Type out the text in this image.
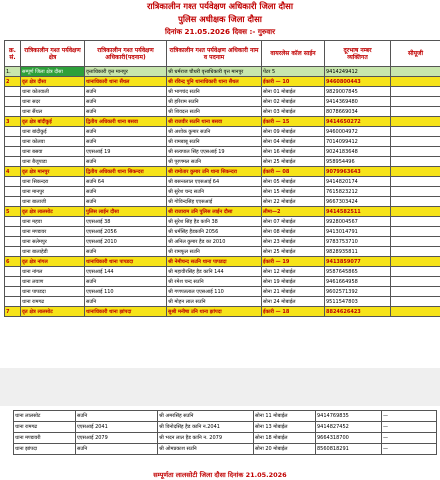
रात्रिकालीन गश्त पर्यवेक्षण अधिकारी जिला दौसा
पुलिस अधीक्षक जिला दौसा
दिनांक 21.05.2026 दिवस :- गुरुवार
क्र. सं.	रात्रिकालीन गश्त पर्यवेक्षण क्षेत्र	रात्रिकालीन गश्त पर्यवेक्षण अधिकारी(पदनाम)	रात्रिकालीन गश्त पर्यवेक्षण अधिकारी नाम व पदनाम	वायरलेस कॉल साईन	दूरभाष नम्बर
व्यक्तिगत	सीयूजी
1.	सम्पूर्ण जिला क्षेत्र दौसा	वृत्ताधिकारी वृत्त मानपुर	श्री धर्मराज चौधरी वृत्ताधिकारी वृत्त मानपुर	पेंटर 5	9414249412	
2	वृत क्षेत्र दौसा	थानाधिकारी थाना सैंथल	श्री रविन्द्र पुनि थानाधिकारी थाना सैंथल	ईकारी — 10	9460800443	
	थाना कोतवाली	सउनि	श्री भागचंद सउनि	सोना 01 मोबाईल	9829007845	
	थाना सदर	सउनि	श्री हरिराम सउनि	सोना 02 मोबाईल	9414369480	
	थाना सैंथल	सउनि	श्री शिवदत्त सउनि	सोना 03 मोबाईल	8078669034	
3	वृत क्षेत्र बांदीकुई	द्वितीय अधिकारी थाना बसवा	श्री राजवीर सउनि थाना बसवा	ईकारी — 15	9414650272	
	थाना बांदीकुई	सउनि	श्री अशोक कुमार सउनि	सोना 09 मोबाईल	9460004972	
	थाना कोलवा	सउनि	श्री रामबाबू सउनि	सोना 04 मोबाईल	7014099412	
	थाना बसवा	एएसआई 19	श्री सत्यपाल सिंह एएसआई 19	सोना 16 मोबाईल	9024183648	
	थाना बैजूपाडा	सउनि	श्री पूरणमल सउनि	सोना 25 मोबाईल	958954496	
4	वृत क्षेत्र मानपुर	द्वितीय अधिकारी थाना सिकन्दरा	श्री रामोतार कुमार उनि थाना सिकन्दरा	ईकारी — 08	9079963643	
	थाना सिकन्दरा	सउनि 64	श्री बसन्तलाल एएसआई 64	सोना 05 मोबाईल	9414820174	
	थाना मानपुर	सउनि	श्री सुरेश चन्द सउनि	सोना 15 मोबाईल	7615823212	
	थाना बालाजी	सउनि	श्री गोविन्दसिंह एएसआई	सोना 22 मोबाईल	9667303424	
5	वृत क्षेत्र लालसोट	पुलिस लाईन दौसा	श्री राजाराम उनि पुलिस लाईन दौसा	लीमा—2	9414582511	
	थाना महवा	एएसआई 38	श्री सुरेश सिंह हैड कानि 38	सोना 07 मोबाईल	9928004567	
	थाना मण्डावर	एएसआई 2056	श्री धर्मसिंह हैडकानि 2056	सोना 08 मोबाईल	9413014791	
	थाना सलेमपुर	एएसआई 2010	श्री अनिल कुमार हैड का 2010	सोना 23 मोबाईल	9783753710	
	थाना बालाहेडी	सउनि	श्री रामफूल सउनि	सोना 25 मोबाईल	9828935811	
6	वृत क्षेत्र नांगल	थानाधिकारी थाना पापडदा	श्री नेमीचन्द सउनि थाना पापडदा	ईकारी — 19	9413859077	
	थाना नांगल	एएसआई 144	श्री महावीरसिंह हैड कानि 144	सोना 12 मोबाईल	9587645865	
	थाना लवाण	सउनि	श्री रमेश चन्द सउनि	सोना 19 मोबाईल	9461664958	
	थाना पापडदा	एएसआई 110	श्री गणपतलाल एएसआई 110	सोना 21 मोबाईल	9602571392	
	थाना रामगढ	सउनि	श्री मोहन लाल सउनि	सोना 24 मोबाईल	9511547803	
7	वृत क्षेत्र लालसोट	थानाधिकारी थाना झांपदा	सुश्री मनीषा उनि थाना झांपदा	ईकारी — 18	8824626423	
थाना लालसोट	सउनि	श्री अमरसिंह सउनि	सोना 11 मोबाईल	9414769835	—
थाना रामगढ	एएसआई 2041	श्री विनोदसिंह हैड कानि न.2041	सोना 13 मोबाईल	9414827452	—
थाना मण्डावरी	एएसआई 2079	श्री भदन लाल हैड कानि न. 2079	सोना 18 मोबाईल	9664318700	—
थाना झांपदा	सउनि	श्री ओमप्रकाश सउनि	सोना 20 मोबाईल	8560818291	—
सम्पूर्णता लालसोटी जिला दौसा दिनांक 21.05.2026
